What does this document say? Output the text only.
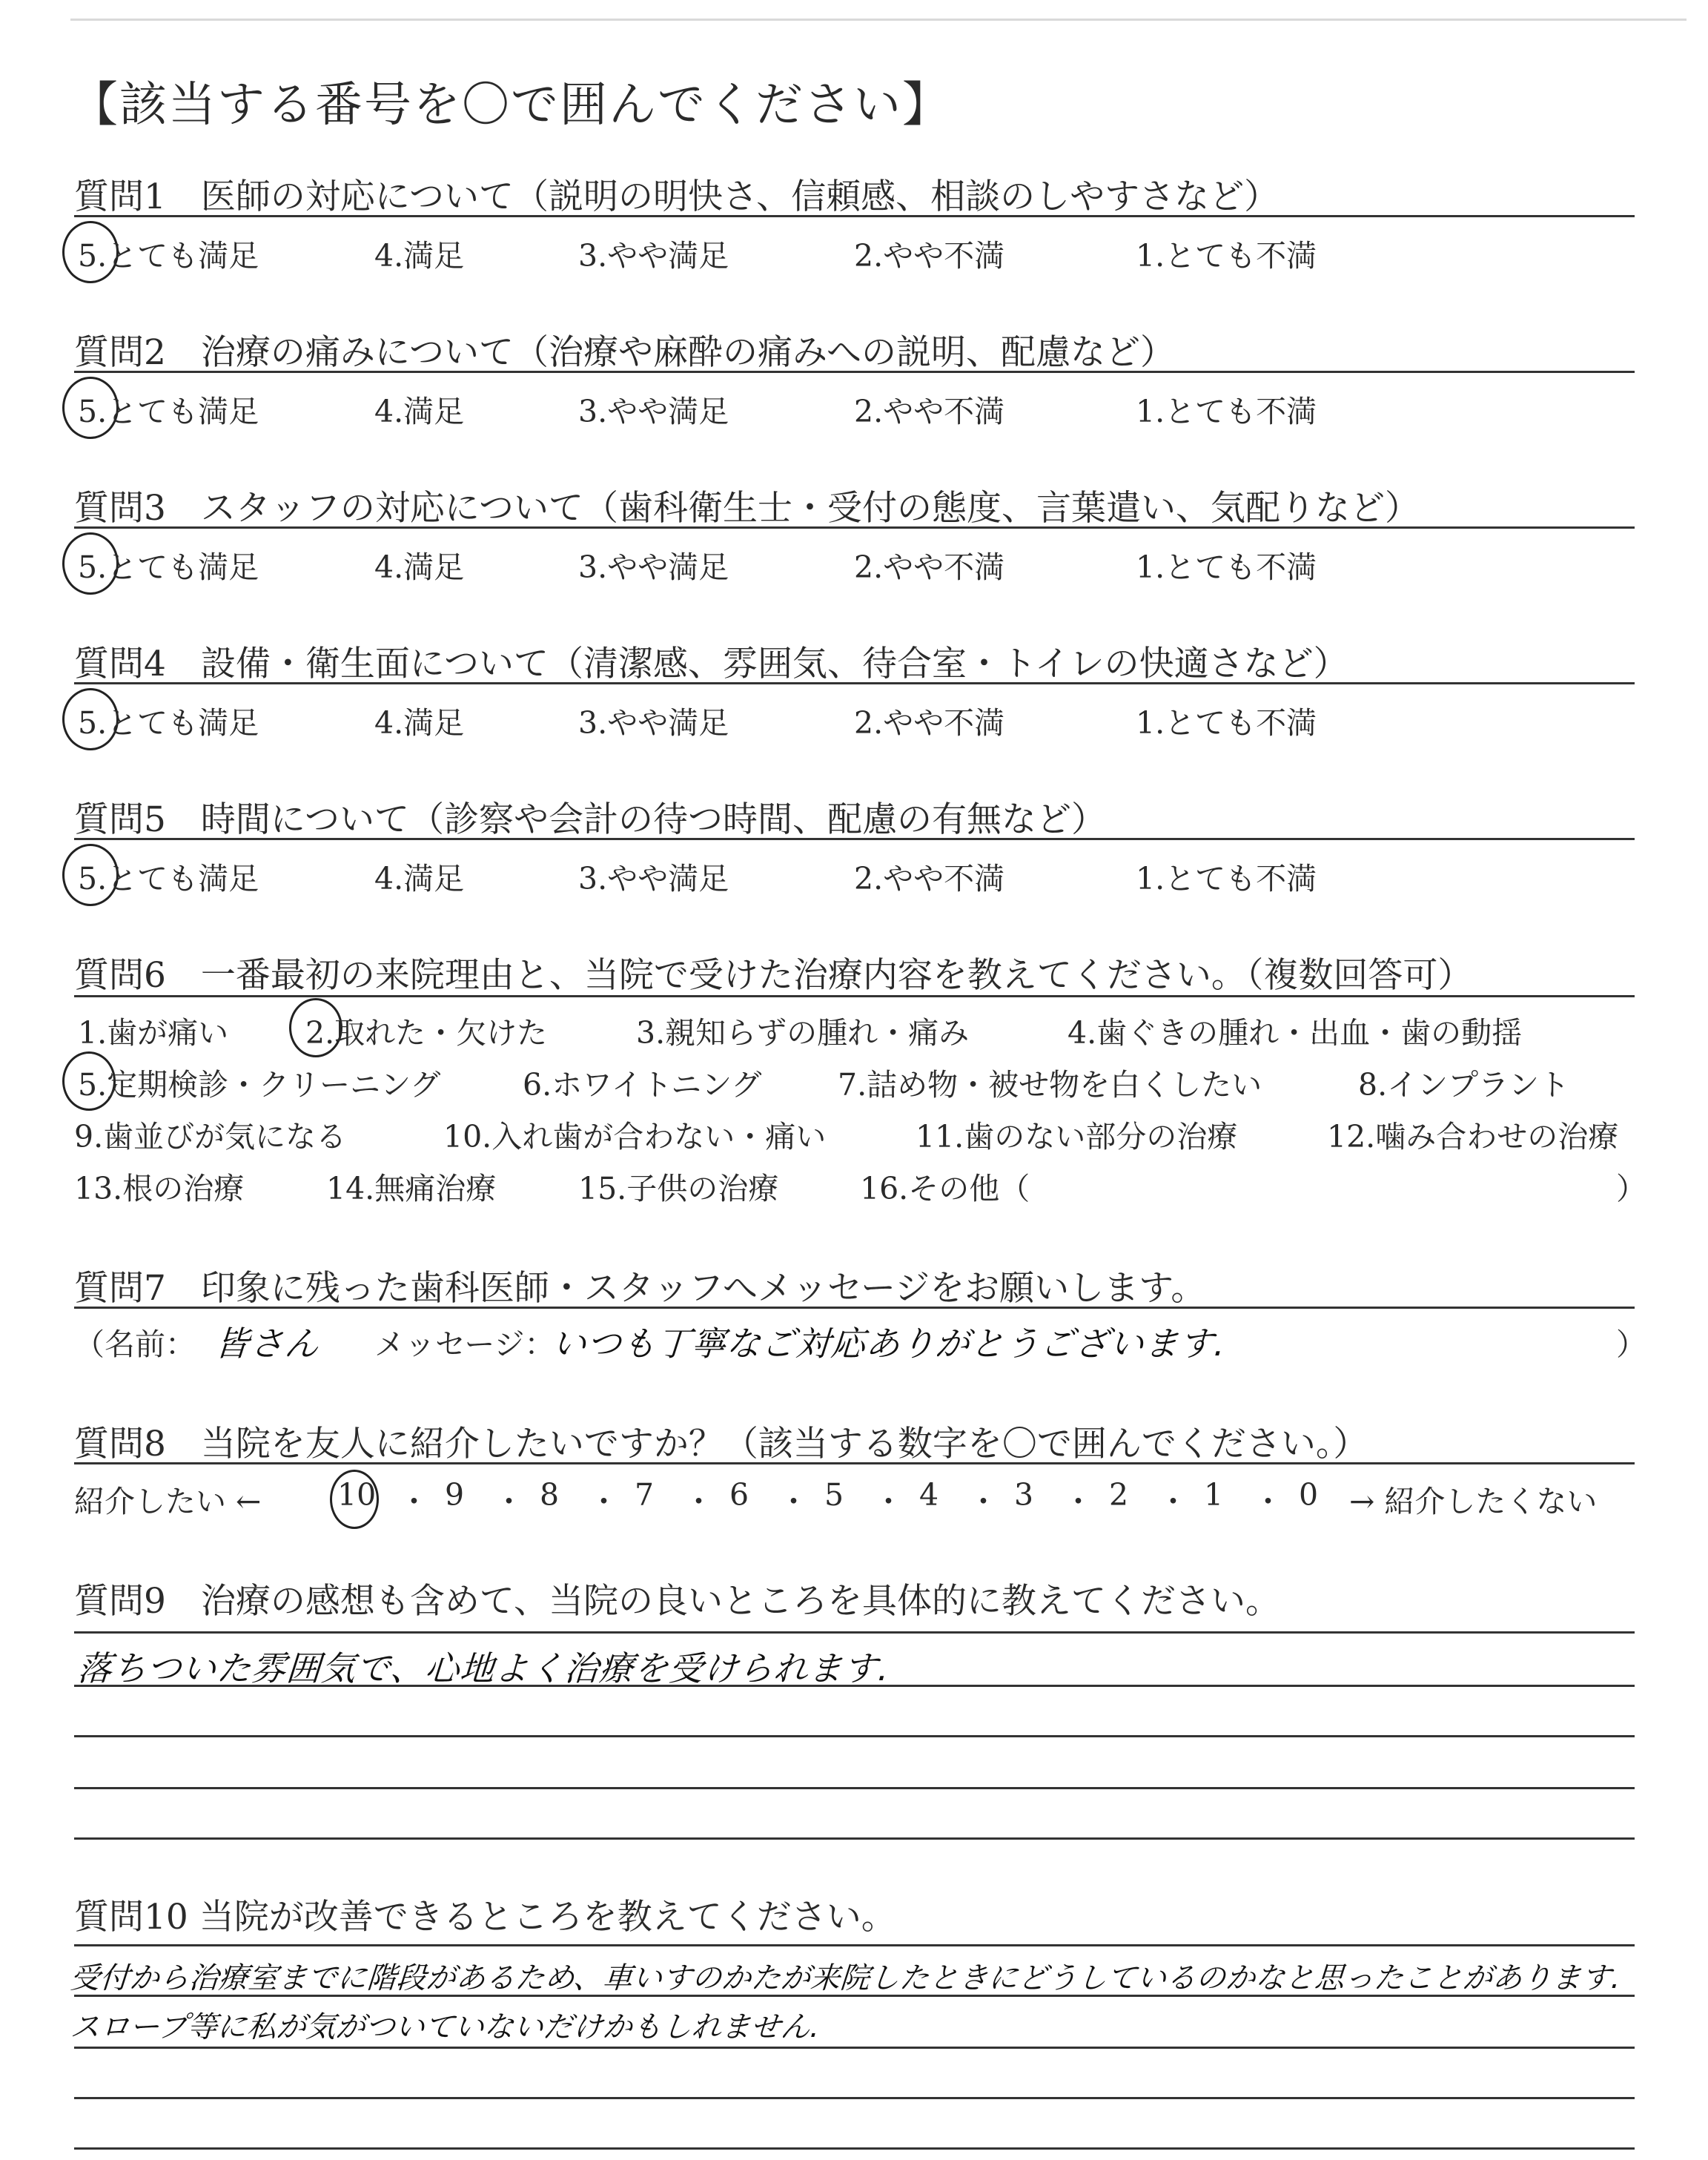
【該当する番号を〇で囲んでください】
質問1　医師の対応について（説明の明快さ、信頼感、相談のしやすさなど）
5.とても満足	4.満足	3.やや満足	2.やや不満	1.とても不満
質問2　治療の痛みについて（治療や麻酔の痛みへの説明、配慮など）
5.とても満足	4.満足	3.やや満足	2.やや不満	1.とても不満
質問3　スタッフの対応について（歯科衛生士・受付の態度、言葉遣い、気配りなど）
5.とても満足	4.満足	3.やや満足	2.やや不満	1.とても不満
質問4　設備・衛生面について（清潔感、雰囲気、待合室・トイレの快適さなど）
5.とても満足	4.満足	3.やや満足	2.やや不満	1.とても不満
質問5　時間について（診察や会計の待つ時間、配慮の有無など）
5.とても満足	4.満足	3.やや満足	2.やや不満	1.とても不満
質問6　一番最初の来院理由と、当院で受けた治療内容を教えてください。（複数回答可）
1.歯が痛い	2.取れた・欠けた	3.親知らずの腫れ・痛み	4.歯ぐきの腫れ・出血・歯の動揺
5.定期検診・クリーニング	6.ホワイトニング	7.詰め物・被せ物を白くしたい	8.インプラント
9.歯並びが気になる	10.入れ歯が合わない・痛い	11.歯のない部分の治療	12.噛み合わせの治療
13.根の治療	14.無痛治療	15.子供の治療	16.その他（	）
質問7　印象に残った歯科医師・スタッフへメッセージをお願いします。
（名前： 皆さん メッセージ：
いつも丁寧なご対応ありがとうございます.	）
質問8　当院を友人に紹介したいですか？（該当する数字を〇で囲んでください。）
紹介したい ←	10 9 8 7 6 5 4 3 2 1 0
・ ・ ・ ・ ・ ・ ・ ・ ・ ・ → 紹介したくない
質問9　治療の感想も含めて、当院の良いところを具体的に教えてください。
落ちついた雰囲気で、心地よく治療を受けられます.
質問10 当院が改善できるところを教えてください。
受付から治療室までに階段があるため、車いすのかたが来院したときにどうしているのかなと思ったことがあります.
スロープ等に私が気がついていないだけかもしれません.
